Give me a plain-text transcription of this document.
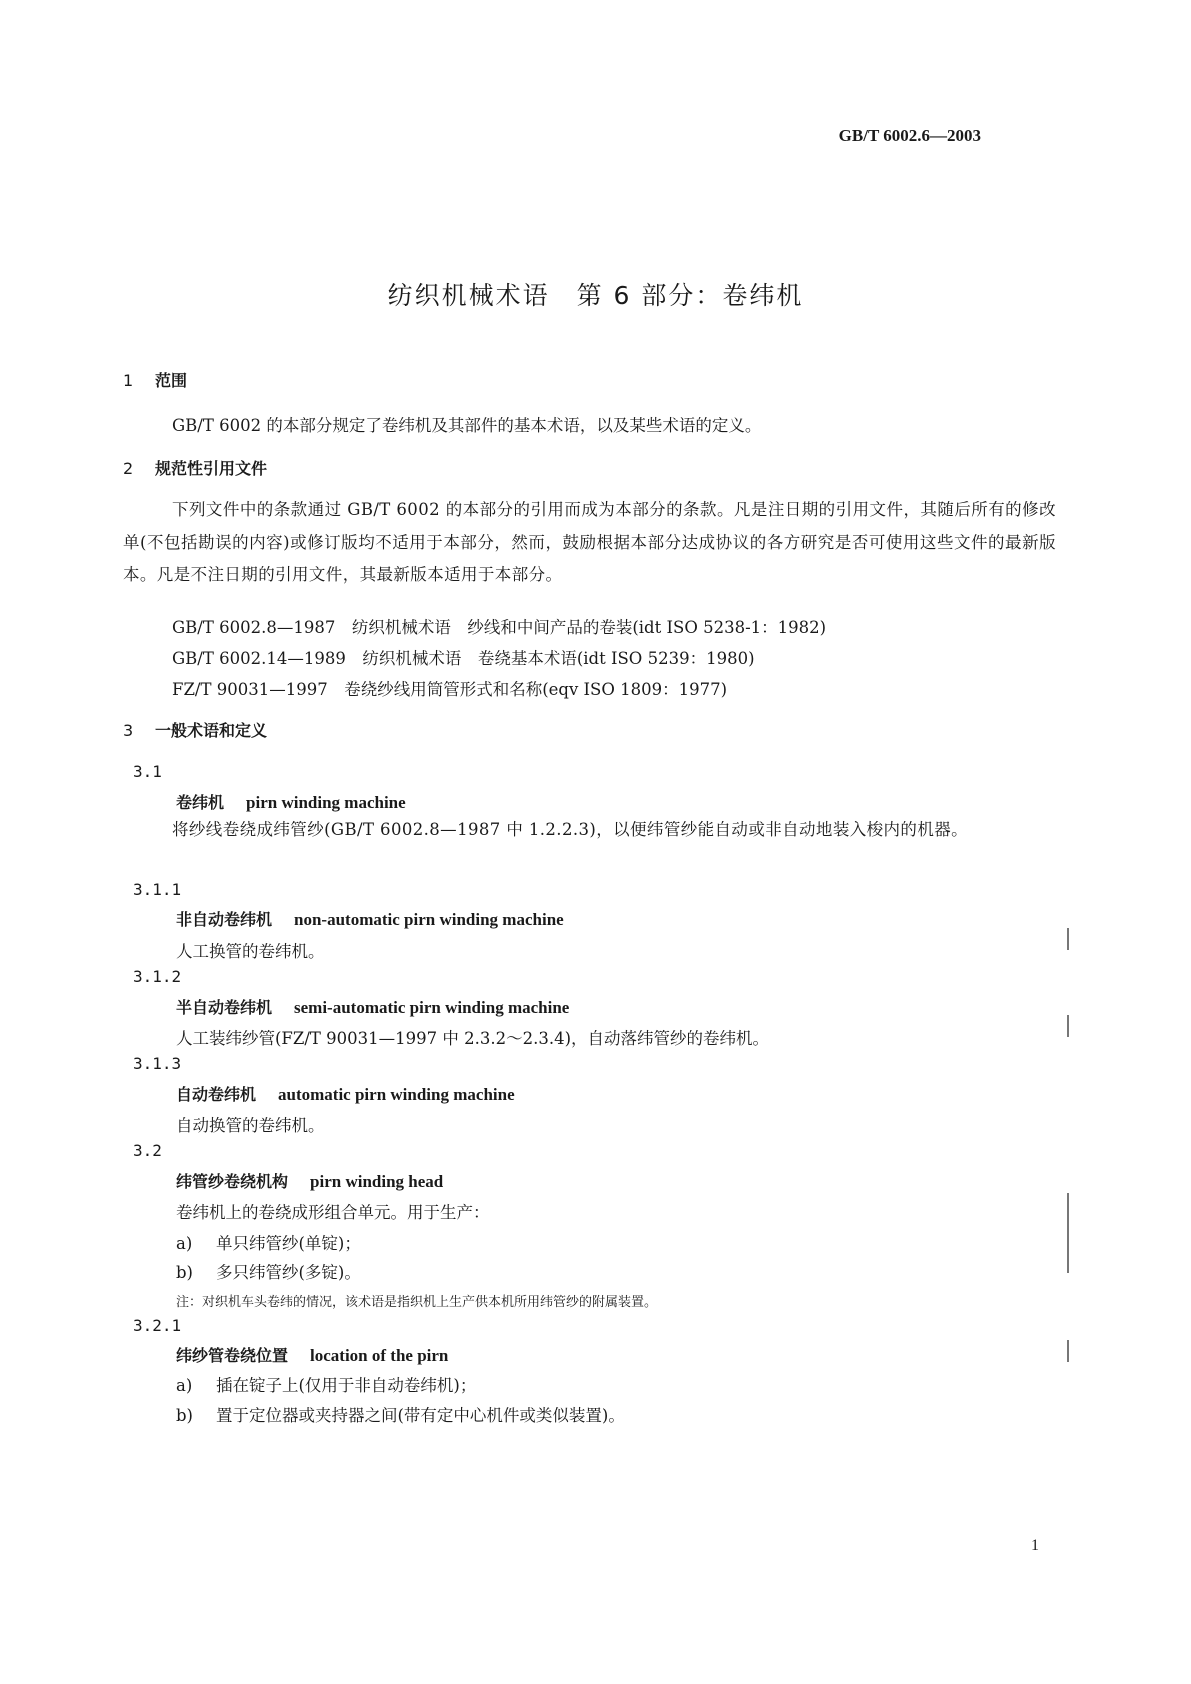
GB/T 6002.6—2003
纺织机械术语　第 6 部分：卷纬机
1 范围
GB/T 6002 的本部分规定了卷纬机及其部件的基本术语，以及某些术语的定义。
2 规范性引用文件
下列文件中的条款通过 GB/T 6002 的本部分的引用而成为本部分的条款。凡是注日期的引用文件，其随后所有的修改单(不包括勘误的内容)或修订版均不适用于本部分，然而，鼓励根据本部分达成协议的各方研究是否可使用这些文件的最新版本。凡是不注日期的引用文件，其最新版本适用于本部分。
GB/T 6002.8—1987　纺织机械术语　纱线和中间产品的卷装(idt ISO 5238-1：1982)
GB/T 6002.14—1989　纺织机械术语　卷绕基本术语(idt ISO 5239：1980)
FZ/T 90031—1997　卷绕纱线用筒管形式和名称(eqv ISO 1809：1977)
3 一般术语和定义
3.1
卷纬机 pirn winding machine
将纱线卷绕成纬管纱(GB/T 6002.8—1987 中 1.2.2.3)，以便纬管纱能自动或非自动地装入梭内的机器。
3.1.1
非自动卷纬机 non-automatic pirn winding machine
人工换管的卷纬机。
3.1.2
半自动卷纬机 semi-automatic pirn winding machine
人工装纬纱管(FZ/T 90031—1997 中 2.3.2～2.3.4)，自动落纬管纱的卷纬机。
3.1.3
自动卷纬机 automatic pirn winding machine
自动换管的卷纬机。
3.2
纬管纱卷绕机构 pirn winding head
卷纬机上的卷绕成形组合单元。用于生产：
a) 单只纬管纱(单锭)；
b) 多只纬管纱(多锭)。
注：对织机车头卷纬的情况，该术语是指织机上生产供本机所用纬管纱的附属装置。
3.2.1
纬纱管卷绕位置 location of the pirn
a) 插在锭子上(仅用于非自动卷纬机)；
b) 置于定位器或夹持器之间(带有定中心机件或类似装置)。
1
